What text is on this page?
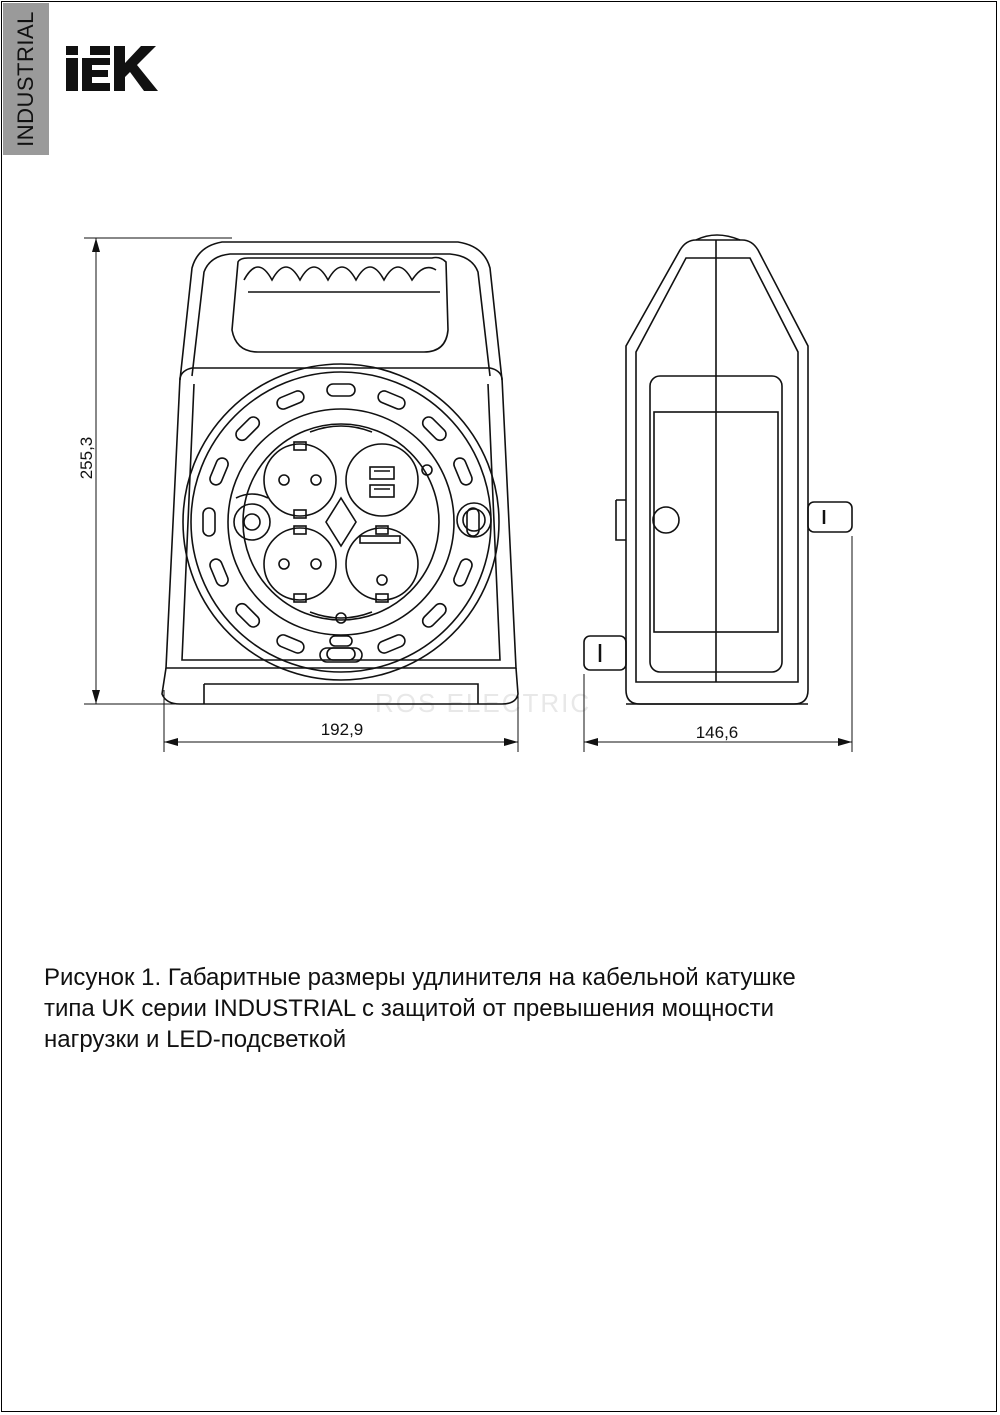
INDUSTRIAL
ROS ELECTRIC
255,3
192,9	146,6
Рисунок 1. Габаритные размеры удлинителя на кабельной катушке
типа UK серии INDUSTRIAL с защитой от превышения мощности
нагрузки и LED-подсветкой
